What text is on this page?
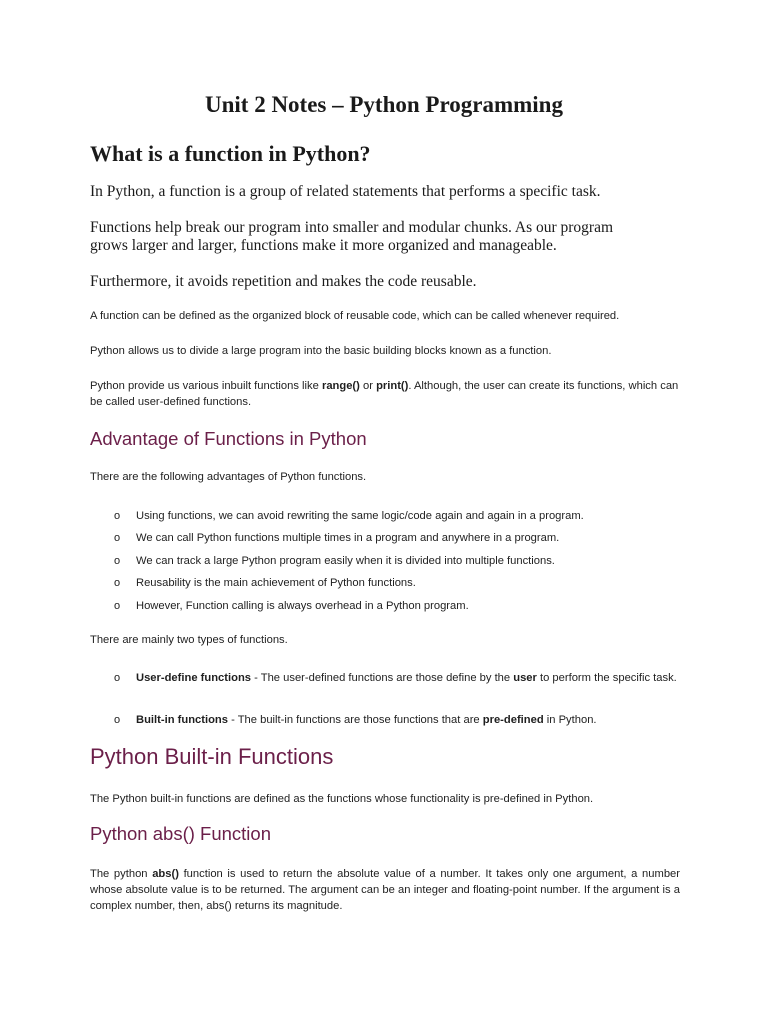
Unit 2 Notes – Python Programming
What is a function in Python?

In Python, a function is a group of related statements that performs a specific task.

Functions help break our program into smaller and modular chunks. As our program grows larger and larger, functions make it more organized and manageable.

Furthermore, it avoids repetition and makes the code reusable.

A function can be defined as the organized block of reusable code, which can be called whenever required.

Python allows us to divide a large program into the basic building blocks known as a function.

Python provide us various inbuilt functions like range() or print(). Although, the user can create its functions, which can be called user-defined functions.

Advantage of Functions in Python

There are the following advantages of Python functions.

o Using functions, we can avoid rewriting the same logic/code again and again in a program.

o We can call Python functions multiple times in a program and anywhere in a program.

o We can track a large Python program easily when it is divided into multiple functions.

o Reusability is the main achievement of Python functions.

o However, Function calling is always overhead in a Python program.

There are mainly two types of functions.

o User-define functions - The user-defined functions are those define by the user to perform the specific task.

o Built-in functions - The built-in functions are those functions that are pre-defined in Python.

Python Built-in Functions

The Python built-in functions are defined as the functions whose functionality is pre-defined in Python.

Python abs() Function

The python abs() function is used to return the absolute value of a number. It takes only one argument, a number whose absolute value is to be returned. The argument can be an integer and floating-point number. If the argument is a complex number, then, abs() returns its magnitude.
